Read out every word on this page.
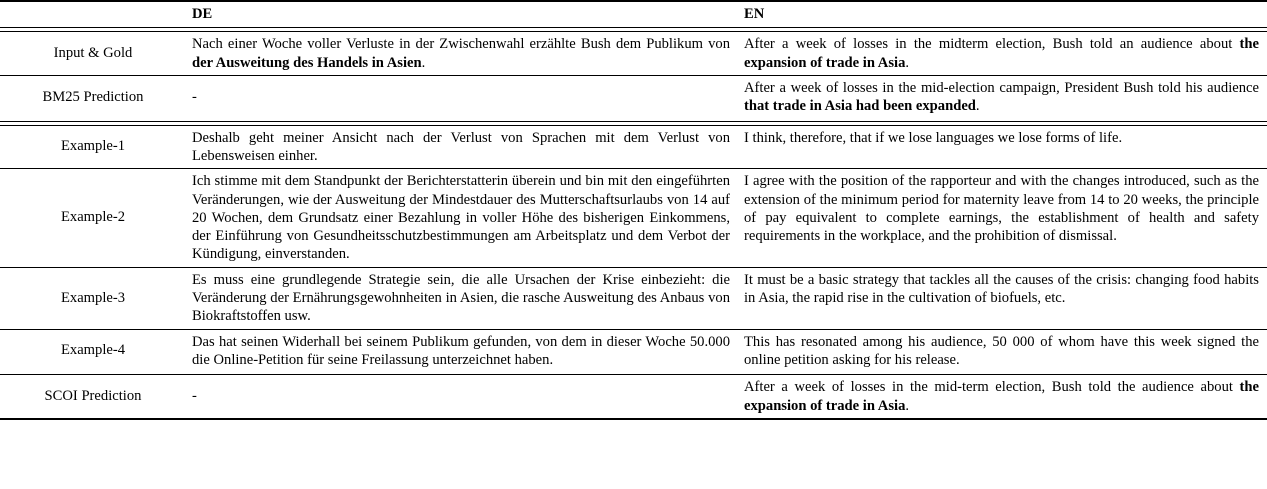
	DE	EN

Input & Gold	Nach einer Woche voller Verluste in der Zwischenwahl erzählte Bush dem Publikum von der Ausweitung des Handels in Asien.	After a week of losses in the midterm election, Bush told an audience about the expansion of trade in Asia.

BM25 Prediction	-	After a week of losses in the mid-election campaign, President Bush told his audience that trade in Asia had been expanded.

Example-1	Deshalb geht meiner Ansicht nach der Verlust von Sprachen mit dem Verlust von Lebensweisen einher.	I think, therefore, that if we lose languages we lose forms of life.

Example-2	Ich stimme mit dem Standpunkt der Berichterstatterin überein und bin mit den eingeführten Veränderungen, wie der Ausweitung der Mindestdauer des Mutterschaftsurlaubs von 14 auf 20 Wochen, dem Grundsatz einer Bezahlung in voller Höhe des bisherigen Einkommens, der Einführung von Gesundheitsschutzbestimmungen am Arbeitsplatz und dem Verbot der Kündigung, einverstanden.	I agree with the position of the rapporteur and with the changes introduced, such as the extension of the minimum period for maternity leave from 14 to 20 weeks, the principle of pay equivalent to complete earnings, the establishment of health and safety requirements in the workplace, and the prohibition of dismissal.

Example-3	Es muss eine grundlegende Strategie sein, die alle Ursachen der Krise einbezieht: die Veränderung der Ernährungsgewohnheiten in Asien, die rasche Ausweitung des Anbaus von Biokraftstoffen usw.	It must be a basic strategy that tackles all the causes of the crisis: changing food habits in Asia, the rapid rise in the cultivation of biofuels, etc.

Example-4	Das hat seinen Widerhall bei seinem Publikum gefunden, von dem in dieser Woche 50.000 die Online-Petition für seine Freilassung unterzeichnet haben.	This has resonated among his audience, 50 000 of whom have this week signed the online petition asking for his release.

SCOI Prediction	-	After a week of losses in the mid-term election, Bush told the audience about the expansion of trade in Asia.
